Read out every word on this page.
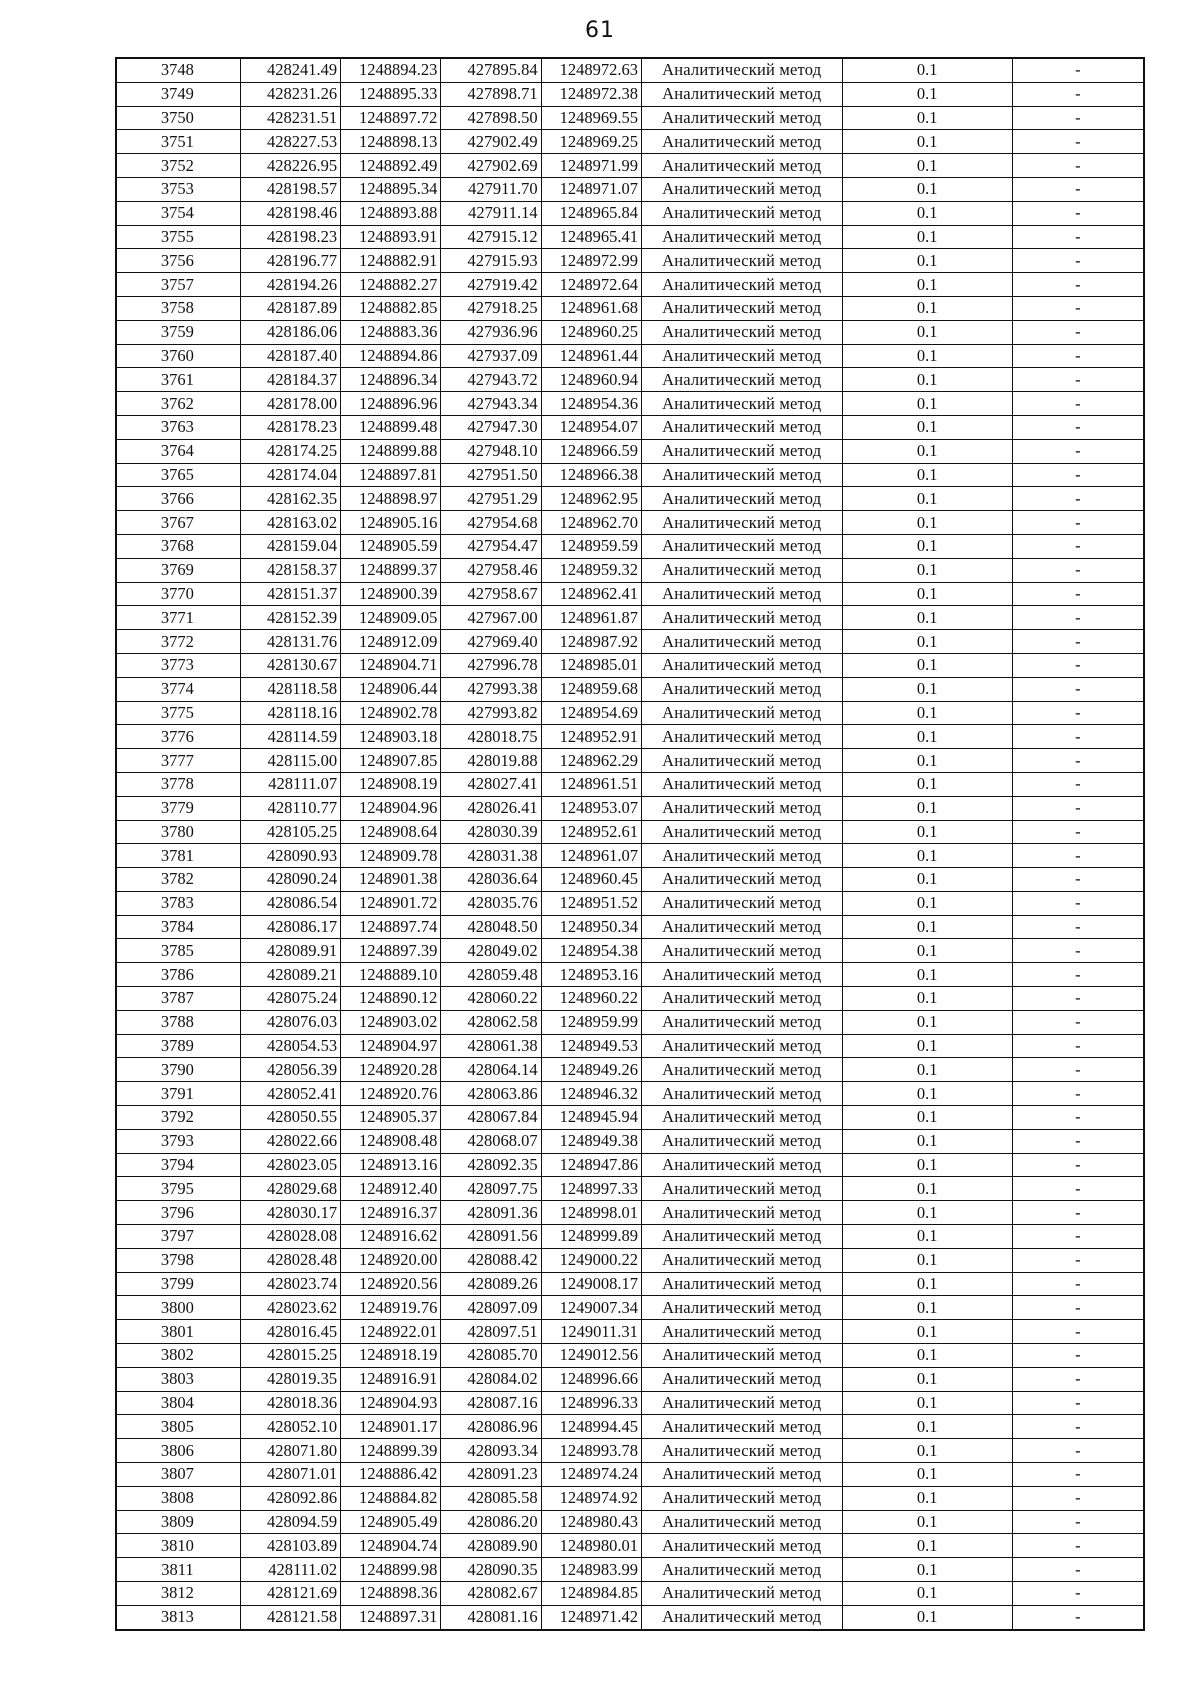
61
3748	428241.49	1248894.23	427895.84	1248972.63	Аналитический метод	0.1	-
3749	428231.26	1248895.33	427898.71	1248972.38	Аналитический метод	0.1	-
3750	428231.51	1248897.72	427898.50	1248969.55	Аналитический метод	0.1	-
3751	428227.53	1248898.13	427902.49	1248969.25	Аналитический метод	0.1	-
3752	428226.95	1248892.49	427902.69	1248971.99	Аналитический метод	0.1	-
3753	428198.57	1248895.34	427911.70	1248971.07	Аналитический метод	0.1	-
3754	428198.46	1248893.88	427911.14	1248965.84	Аналитический метод	0.1	-
3755	428198.23	1248893.91	427915.12	1248965.41	Аналитический метод	0.1	-
3756	428196.77	1248882.91	427915.93	1248972.99	Аналитический метод	0.1	-
3757	428194.26	1248882.27	427919.42	1248972.64	Аналитический метод	0.1	-
3758	428187.89	1248882.85	427918.25	1248961.68	Аналитический метод	0.1	-
3759	428186.06	1248883.36	427936.96	1248960.25	Аналитический метод	0.1	-
3760	428187.40	1248894.86	427937.09	1248961.44	Аналитический метод	0.1	-
3761	428184.37	1248896.34	427943.72	1248960.94	Аналитический метод	0.1	-
3762	428178.00	1248896.96	427943.34	1248954.36	Аналитический метод	0.1	-
3763	428178.23	1248899.48	427947.30	1248954.07	Аналитический метод	0.1	-
3764	428174.25	1248899.88	427948.10	1248966.59	Аналитический метод	0.1	-
3765	428174.04	1248897.81	427951.50	1248966.38	Аналитический метод	0.1	-
3766	428162.35	1248898.97	427951.29	1248962.95	Аналитический метод	0.1	-
3767	428163.02	1248905.16	427954.68	1248962.70	Аналитический метод	0.1	-
3768	428159.04	1248905.59	427954.47	1248959.59	Аналитический метод	0.1	-
3769	428158.37	1248899.37	427958.46	1248959.32	Аналитический метод	0.1	-
3770	428151.37	1248900.39	427958.67	1248962.41	Аналитический метод	0.1	-
3771	428152.39	1248909.05	427967.00	1248961.87	Аналитический метод	0.1	-
3772	428131.76	1248912.09	427969.40	1248987.92	Аналитический метод	0.1	-
3773	428130.67	1248904.71	427996.78	1248985.01	Аналитический метод	0.1	-
3774	428118.58	1248906.44	427993.38	1248959.68	Аналитический метод	0.1	-
3775	428118.16	1248902.78	427993.82	1248954.69	Аналитический метод	0.1	-
3776	428114.59	1248903.18	428018.75	1248952.91	Аналитический метод	0.1	-
3777	428115.00	1248907.85	428019.88	1248962.29	Аналитический метод	0.1	-
3778	428111.07	1248908.19	428027.41	1248961.51	Аналитический метод	0.1	-
3779	428110.77	1248904.96	428026.41	1248953.07	Аналитический метод	0.1	-
3780	428105.25	1248908.64	428030.39	1248952.61	Аналитический метод	0.1	-
3781	428090.93	1248909.78	428031.38	1248961.07	Аналитический метод	0.1	-
3782	428090.24	1248901.38	428036.64	1248960.45	Аналитический метод	0.1	-
3783	428086.54	1248901.72	428035.76	1248951.52	Аналитический метод	0.1	-
3784	428086.17	1248897.74	428048.50	1248950.34	Аналитический метод	0.1	-
3785	428089.91	1248897.39	428049.02	1248954.38	Аналитический метод	0.1	-
3786	428089.21	1248889.10	428059.48	1248953.16	Аналитический метод	0.1	-
3787	428075.24	1248890.12	428060.22	1248960.22	Аналитический метод	0.1	-
3788	428076.03	1248903.02	428062.58	1248959.99	Аналитический метод	0.1	-
3789	428054.53	1248904.97	428061.38	1248949.53	Аналитический метод	0.1	-
3790	428056.39	1248920.28	428064.14	1248949.26	Аналитический метод	0.1	-
3791	428052.41	1248920.76	428063.86	1248946.32	Аналитический метод	0.1	-
3792	428050.55	1248905.37	428067.84	1248945.94	Аналитический метод	0.1	-
3793	428022.66	1248908.48	428068.07	1248949.38	Аналитический метод	0.1	-
3794	428023.05	1248913.16	428092.35	1248947.86	Аналитический метод	0.1	-
3795	428029.68	1248912.40	428097.75	1248997.33	Аналитический метод	0.1	-
3796	428030.17	1248916.37	428091.36	1248998.01	Аналитический метод	0.1	-
3797	428028.08	1248916.62	428091.56	1248999.89	Аналитический метод	0.1	-
3798	428028.48	1248920.00	428088.42	1249000.22	Аналитический метод	0.1	-
3799	428023.74	1248920.56	428089.26	1249008.17	Аналитический метод	0.1	-
3800	428023.62	1248919.76	428097.09	1249007.34	Аналитический метод	0.1	-
3801	428016.45	1248922.01	428097.51	1249011.31	Аналитический метод	0.1	-
3802	428015.25	1248918.19	428085.70	1249012.56	Аналитический метод	0.1	-
3803	428019.35	1248916.91	428084.02	1248996.66	Аналитический метод	0.1	-
3804	428018.36	1248904.93	428087.16	1248996.33	Аналитический метод	0.1	-
3805	428052.10	1248901.17	428086.96	1248994.45	Аналитический метод	0.1	-
3806	428071.80	1248899.39	428093.34	1248993.78	Аналитический метод	0.1	-
3807	428071.01	1248886.42	428091.23	1248974.24	Аналитический метод	0.1	-
3808	428092.86	1248884.82	428085.58	1248974.92	Аналитический метод	0.1	-
3809	428094.59	1248905.49	428086.20	1248980.43	Аналитический метод	0.1	-
3810	428103.89	1248904.74	428089.90	1248980.01	Аналитический метод	0.1	-
3811	428111.02	1248899.98	428090.35	1248983.99	Аналитический метод	0.1	-
3812	428121.69	1248898.36	428082.67	1248984.85	Аналитический метод	0.1	-
3813	428121.58	1248897.31	428081.16	1248971.42	Аналитический метод	0.1	-
